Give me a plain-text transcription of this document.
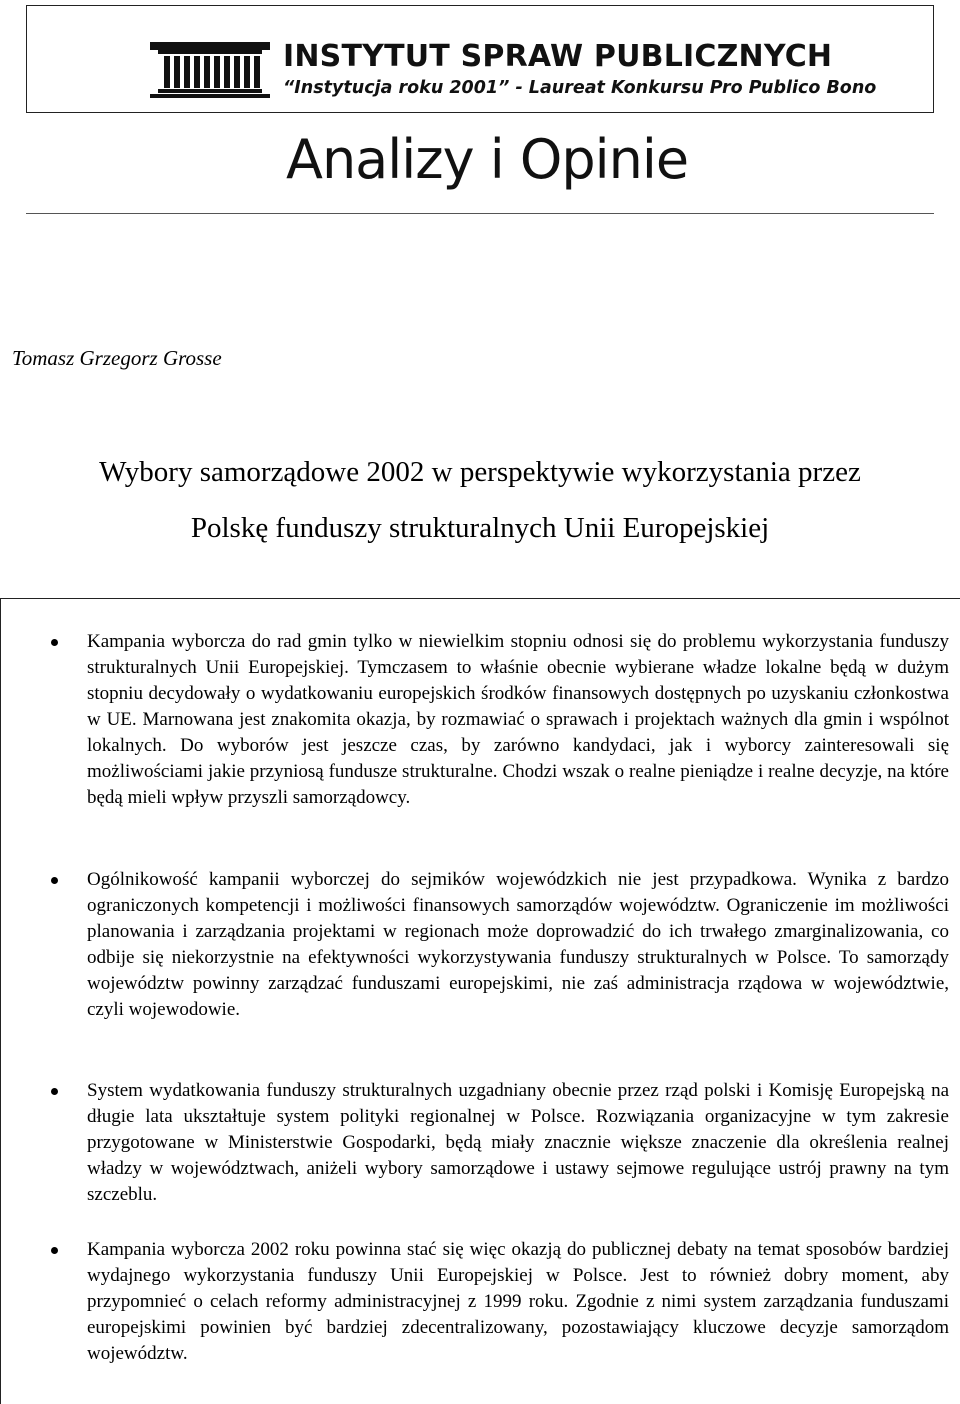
INSTYTUT SPRAW PUBLICZNYCH
“Instytucja roku 2001” - Laureat Konkursu Pro Publico Bono
Analizy i Opinie
Tomasz Grzegorz Grosse
Wybory samorządowe 2002 w perspektywie wykorzystania przez
Polskę funduszy strukturalnych Unii Europejskiej
Kampania wyborcza do rad gmin tylko w niewielkim stopniu odnosi się do problemu wykorzystania funduszy strukturalnych Unii Europejskiej. Tymczasem to właśnie obecnie wybierane władze lokalne będą w dużym stopniu decydowały o wydatkowaniu europejskich środków finansowych dostępnych po uzyskaniu członkostwa w UE. Marnowana jest znakomita okazja, by rozmawiać o sprawach i projektach ważnych dla gmin i wspólnot lokalnych. Do wyborów jest jeszcze czas, by zarówno kandydaci, jak i wyborcy zainteresowali się możliwościami jakie przyniosą fundusze strukturalne. Chodzi wszak o realne pieniądze i realne decyzje, na które będą mieli wpływ przyszli samorządowcy.
Ogólnikowość kampanii wyborczej do sejmików wojewódzkich nie jest przypadkowa. Wynika z bardzo ograniczonych kompetencji i możliwości finansowych samorządów województw. Ograniczenie im możliwości planowania i zarządzania projektami w regionach może doprowadzić do ich trwałego zmarginalizowania, co odbije się niekorzystnie na efektywności wykorzystywania funduszy strukturalnych w Polsce. To samorządy województw powinny zarządzać funduszami europejskimi, nie zaś administracja rządowa w województwie, czyli wojewodowie.
System wydatkowania funduszy strukturalnych uzgadniany obecnie przez rząd polski i Komisję Europejską na długie lata ukształtuje system polityki regionalnej w Polsce. Rozwiązania organizacyjne w tym zakresie przygotowane w Ministerstwie Gospodarki, będą miały znacznie większe znaczenie dla określenia realnej władzy w województwach, aniżeli wybory samorządowe i ustawy sejmowe regulujące ustrój prawny na tym szczeblu.
Kampania wyborcza 2002 roku powinna stać się więc okazją do publicznej debaty na temat sposobów bardziej wydajnego wykorzystania funduszy Unii Europejskiej w Polsce. Jest to również dobry moment, aby przypomnieć o celach reformy administracyjnej z 1999 roku. Zgodnie z nimi system zarządzania funduszami europejskimi powinien być bardziej zdecentralizowany, pozostawiający kluczowe decyzje samorządom województw.
